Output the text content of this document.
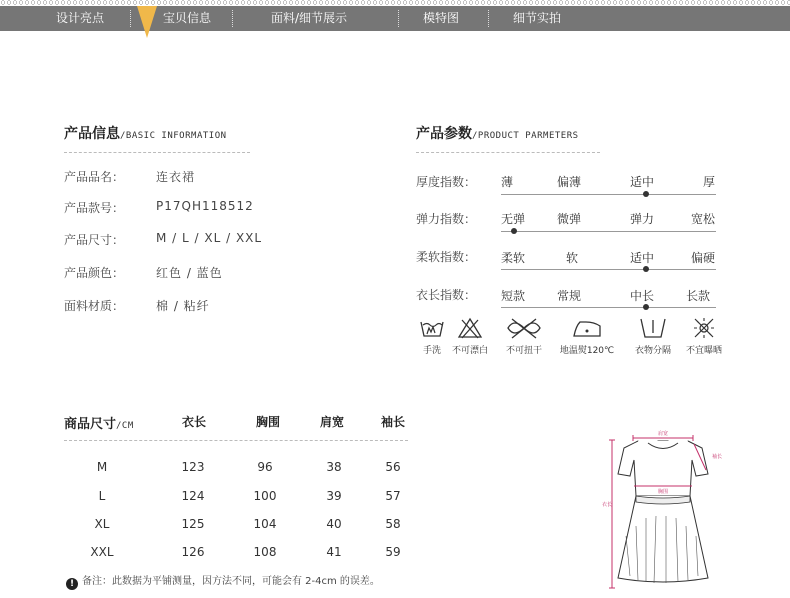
设计亮点	宝贝信息	面料/细节展示	模特图	细节实拍
产品信息/BASIC INFORMATION
产品品名：	连衣裙
产品款号：	P17QH118512
产品尺寸：	M / L / XL / XXL
产品颜色：	红色 / 蓝色
面料材质：	棉 / 粘纤
产品参数/PRODUCT PARMETERS
厚度指数： 薄	偏薄	适中	厚
弹力指数： 无弹	微弹	弹力	宽松
柔软指数： 柔软	软	适中	偏硬
衣长指数： 短款	常规	中长	长款
手洗	不可漂白	不可扭干	地温熨120℃	衣物分隔	不宜曝晒
商品尺寸/CM	衣长	胸围	肩宽	袖长
M	123	96	38	56
L	124	100	39	57
XL	125	104	40	58
XXL	126	108	41	59
! 备注：此数据为平铺测量，因方法不同，可能会有 2-4cm 的误差。
肩宽
袖长
胸围
衣长
